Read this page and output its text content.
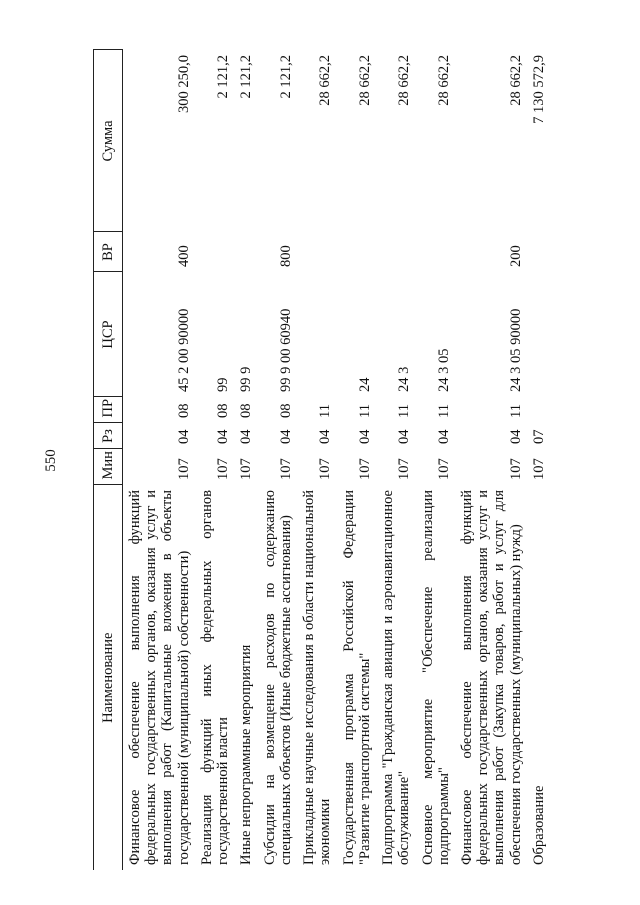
550
Наименование	Мин	Рз	ПР	ЦСР	ВР	Сумма
Финансовое обеспечение выполнения функций федеральных государственных органов, оказания услуг и выполнения работ (Капитальные вложения в объекты государственной (муниципальной) собственности)	107	04	08	45 2 00 90000	400	300 250,0
Реализация функций иных федеральных органов государственной власти	107	04	08	99		2 121,2
Иные непрограммные мероприятия	107	04	08	99 9		2 121,2
Субсидии на возмещение расходов по содержанию специальных объектов (Иные бюджетные ассигнования)	107	04	08	99 9 00 60940	800	2 121,2
Прикладные научные исследования в области национальной экономики	107	04	11			28 662,2
Государственная программа Российской Федерации "Развитие транспортной системы"	107	04	11	24		28 662,2
Подпрограмма "Гражданская авиация и аэронавигационное обслуживание"	107	04	11	24 3		28 662,2
Основное мероприятие "Обеспечение реализации подпрограммы"	107	04	11	24 3 05		28 662,2
Финансовое обеспечение выполнения функций федеральных государственных органов, оказания услуг и выполнения работ (Закупка товаров, работ и услуг для обеспечения государственных (муниципальных) нужд)	107	04	11	24 3 05 90000	200	28 662,2
Образование	107	07				7 130 572,9
